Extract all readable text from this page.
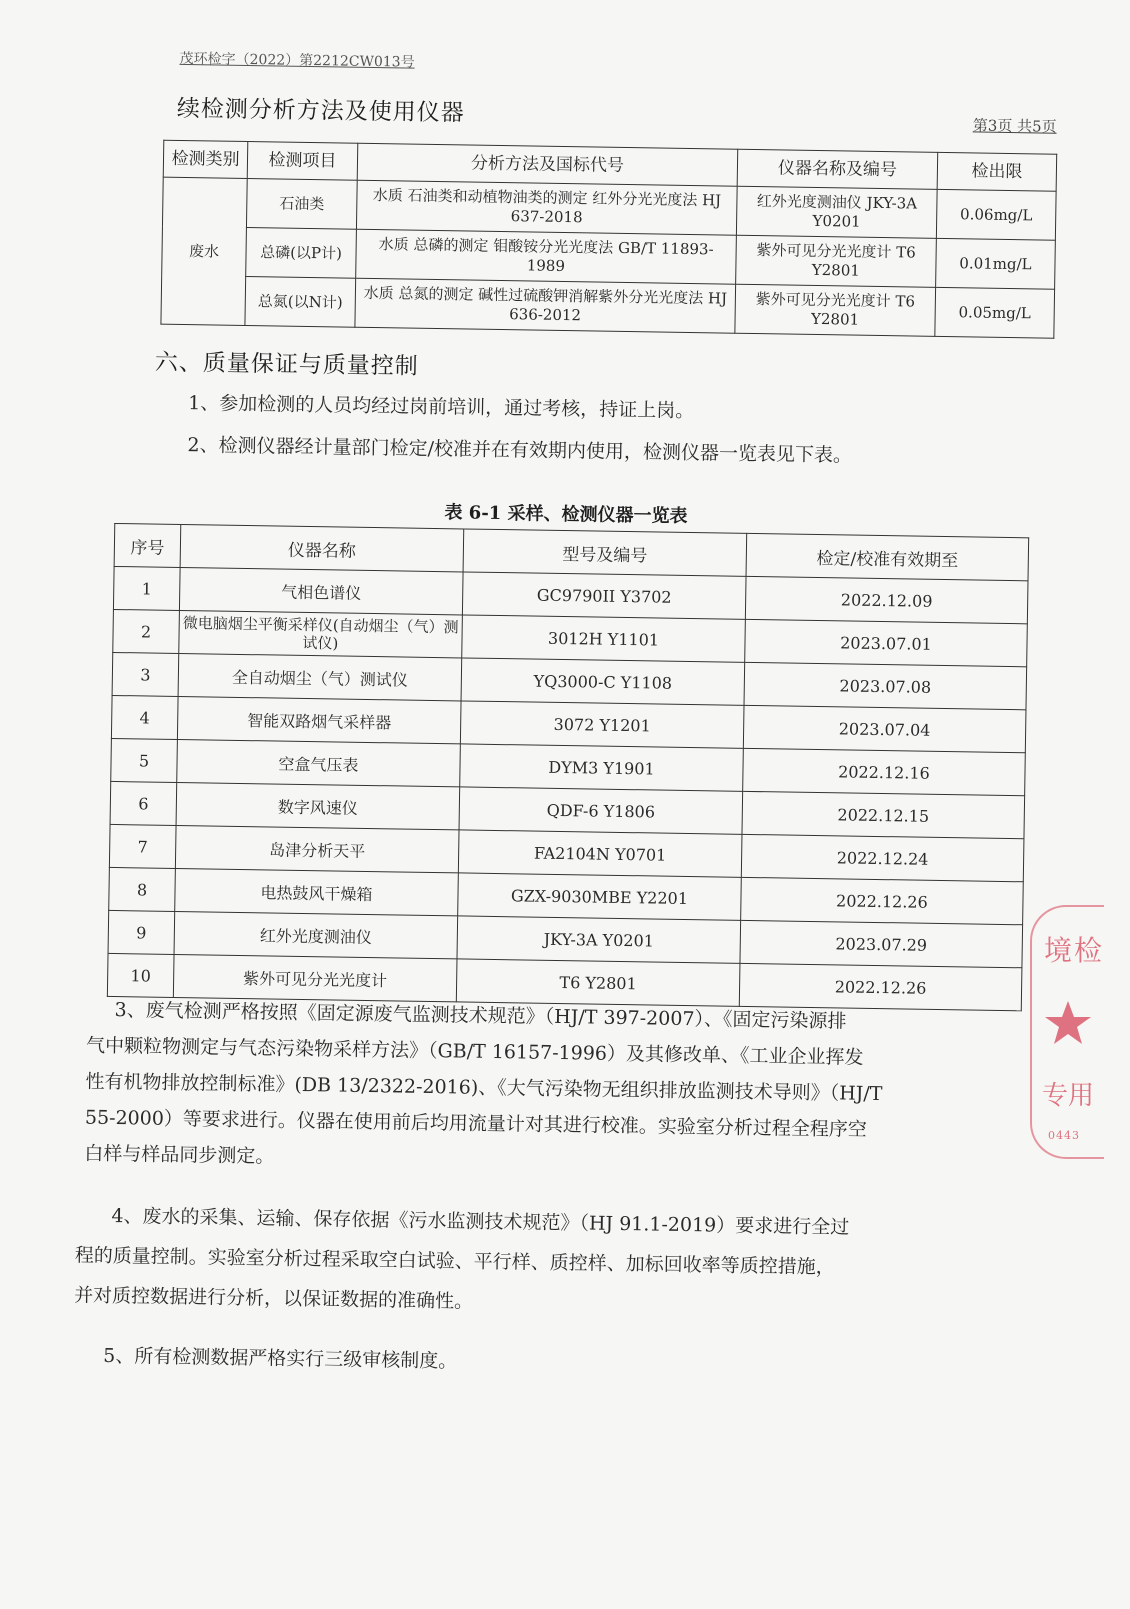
茂环检字（2022）第2212CW013号
续检测分析方法及使用仪器	第3页 共5页
检测类别	检测项目	分析方法及国标代号	仪器名称及编号	检出限
废水	石油类	水质 石油类和动植物油类的测定 红外分光光度法 HJ 637-2018	红外光度测油仪 JKY-3A Y0201	0.06mg/L
	总磷(以P计)	水质 总磷的测定 钼酸铵分光光度法 GB/T 11893-1989	紫外可见分光光度计 T6 Y2801	0.01mg/L
	总氮(以N计)	水质 总氮的测定 碱性过硫酸钾消解紫外分光光度法 HJ 636-2012	紫外可见分光光度计 T6 Y2801	0.05mg/L
六、质量保证与质量控制
1、参加检测的人员均经过岗前培训，通过考核，持证上岗。
2、检测仪器经计量部门检定/校准并在有效期内使用，检测仪器一览表见下表。
表 6-1 采样、检测仪器一览表
序号	仪器名称	型号及编号	检定/校准有效期至
1	气相色谱仪	GC9790II Y3702	2022.12.09
2	微电脑烟尘平衡采样仪(自动烟尘（气）测试仪)	3012H Y1101	2023.07.01
3	全自动烟尘（气）测试仪	YQ3000-C Y1108	2023.07.08
4	智能双路烟气采样器	3072 Y1201	2023.07.04
5	空盒气压表	DYM3 Y1901	2022.12.16
6	数字风速仪	QDF-6 Y1806	2022.12.15
7	岛津分析天平	FA2104N Y0701	2022.12.24
8	电热鼓风干燥箱	GZX-9030MBE Y2201	2022.12.26
9	红外光度测油仪	JKY-3A Y0201	2023.07.29
10	紫外可见分光光度计	T6 Y2801	2022.12.26
3、废气检测严格按照《固定源废气监测技术规范》（HJ/T 397-2007）、《固定污染源排
气中颗粒物测定与气态污染物采样方法》（GB/T 16157-1996）及其修改单、《工业企业挥发
性有机物排放控制标准》(DB 13/2322-2016)、《大气污染物无组织排放监测技术导则》（HJ/T
55-2000）等要求进行。仪器在使用前后均用流量计对其进行校准。实验室分析过程全程序空
白样与样品同步测定。
4、废水的采集、运输、保存依据《污水监测技术规范》（HJ 91.1-2019）要求进行全过
程的质量控制。实验室分析过程采取空白试验、平行样、质控样、加标回收率等质控措施，
并对质控数据进行分析，以保证数据的准确性。
5、所有检测数据严格实行三级审核制度。
境检
专用
0443
